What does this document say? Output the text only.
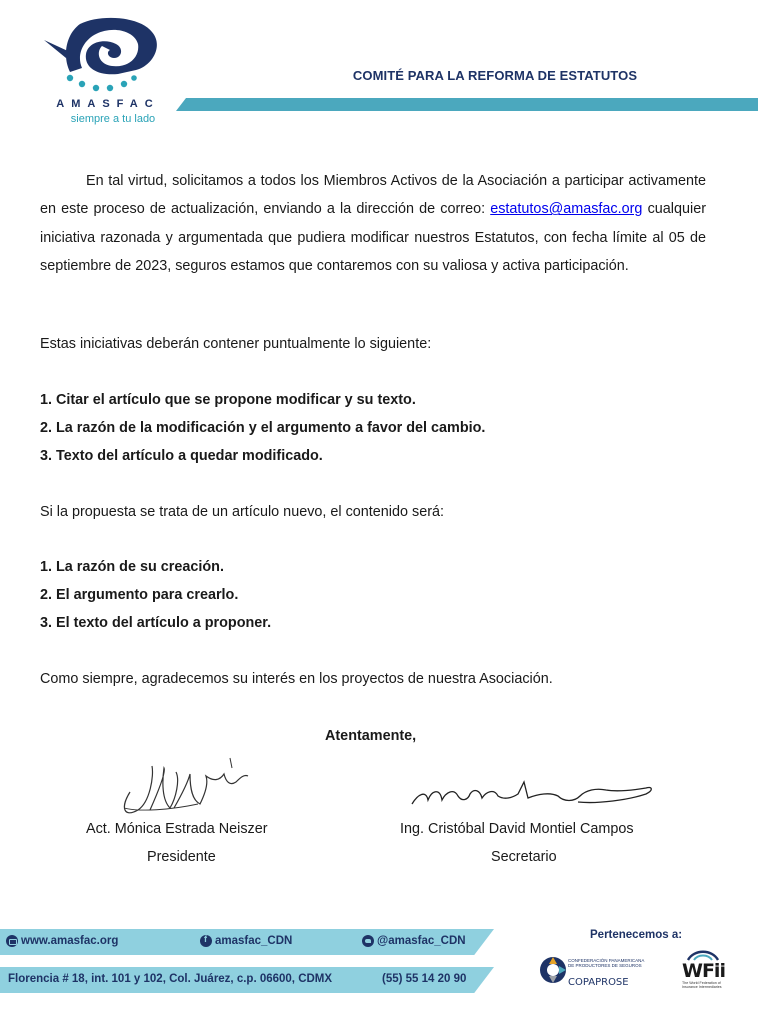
AMASFAC
siempre a tu lado
COMITÉ PARA LA REFORMA DE ESTATUTOS
En tal virtud, solicitamos a todos los Miembros Activos de la Asociación a participar activamente en este proceso de actualización, enviando a la dirección de correo: estatutos@amasfac.org cualquier iniciativa razonada y argumentada que pudiera modificar nuestros Estatutos, con fecha límite al 05 de septiembre de 2023, seguros estamos que contaremos con su valiosa y activa participación.
Estas iniciativas deberán contener puntualmente lo siguiente:
1. Citar el artículo que se propone modificar y su texto.
2. La razón de la modificación y el argumento a favor del cambio.
3. Texto del artículo a quedar modificado.
Si la propuesta se trata de un artículo nuevo, el contenido será:
1. La razón de su creación.
2. El argumento para crearlo.
3. El texto del artículo a proponer.
Como siempre, agradecemos su interés en los proyectos de nuestra Asociación.
Atentamente,
Act. Mónica Estrada Neiszer
Presidente
Ing. Cristóbal David Montiel Campos
Secretario
www.amasfac.org
f	amasfac_CDN	@amasfac_CDN
Florencia # 18, int. 101 y 102, Col. Juárez, c.p. 06600, CDMX	(55) 55 14 20 90
Pertenecemos a:
CONFEDERACIÓN PANAMERICANA DE PRODUCTORES DE SEGUROS
COPAPROSE
WFii
The World Federation of Insurance Intermediaries
